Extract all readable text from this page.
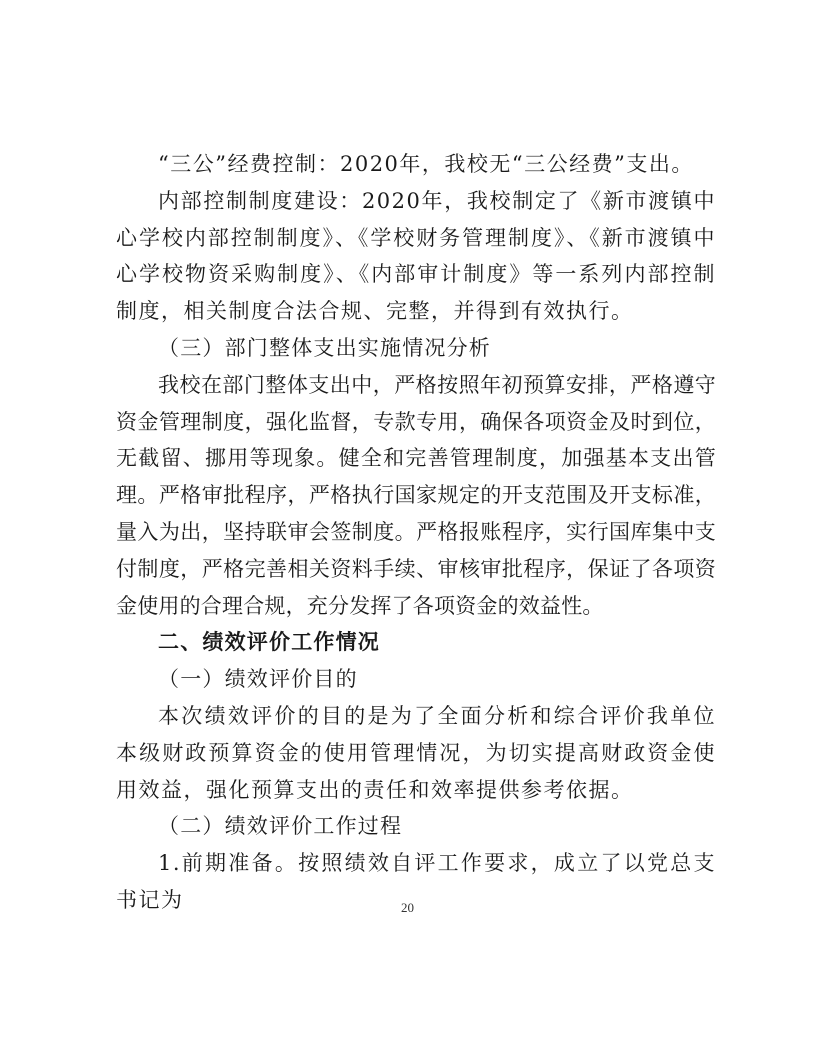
“三公”经费控制：2020年，我校无“三公经费”支出。

内部控制制度建设：2020年，我校制定了《新市渡镇中心学校内部控制制度》、《学校财务管理制度》、《新市渡镇中心学校物资采购制度》、《内部审计制度》等一系列内部控制制度，相关制度合法合规、完整，并得到有效执行。

（三）部门整体支出实施情况分析

我校在部门整体支出中，严格按照年初预算安排，严格遵守资金管理制度，强化监督，专款专用，确保各项资金及时到位，无截留、挪用等现象。健全和完善管理制度，加强基本支出管理。严格审批程序，严格执行国家规定的开支范围及开支标准，量入为出，坚持联审会签制度。严格报账程序，实行国库集中支付制度，严格完善相关资料手续、审核审批程序，保证了各项资金使用的合理合规，充分发挥了各项资金的效益性。

二、绩效评价工作情况

（一）绩效评价目的

本次绩效评价的目的是为了全面分析和综合评价我单位本级财政预算资金的使用管理情况，为切实提高财政资金使用效益，强化预算支出的责任和效率提供参考依据。

（二）绩效评价工作过程

1.前期准备。按照绩效自评工作要求，成立了以党总支书记为	20
